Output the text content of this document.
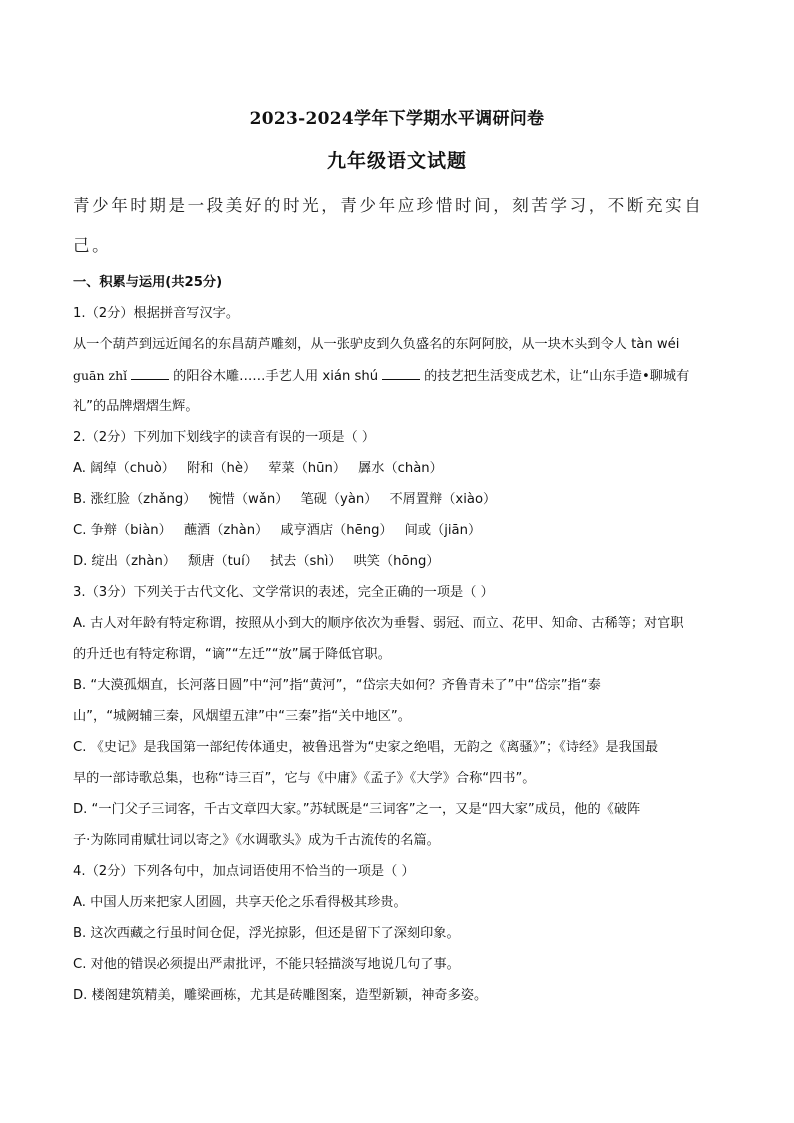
2023-2024学年下学期水平调研问卷
九年级语文试题
青少年时期是一段美好的时光，青少年应珍惜时间，刻苦学习，不断充实自
己。
一、积累与运用(共25分)
1.（2分）根据拼音写汉字。
从一个葫芦到远近闻名的东昌葫芦雕刻，从一张驴皮到久负盛名的东阿阿胶，从一块木头到令人 tàn wéi
guān zhǐ	的阳谷木雕……手艺人用 xián shú	的技艺把生活变成艺术，让“山东手造•聊城有
礼”的品牌熠熠生辉。
2.（2分）下列加下划线字的读音有误的一项是（ ）
A. 阔绰（chuò） 附和（hè） 荤菜（hūn） 羼水（chàn）
B. 涨红脸（zhǎng） 惋惜（wǎn） 笔砚（yàn） 不屑置辩（xiào）
C. 争辩（biàn） 蘸酒（zhàn） 咸亨酒店（hēng） 间或（jiān）
D. 绽出（zhàn） 颓唐（tuí） 拭去（shì） 哄笑（hōng）
3.（3分）下列关于古代文化、文学常识的表述，完全正确的一项是（ ）
A. 古人对年龄有特定称谓，按照从小到大的顺序依次为垂髫、弱冠、而立、花甲、知命、古稀等；对官职
的升迁也有特定称谓，“谪”“左迁”“放”属于降低官职。
B. “大漠孤烟直，长河落日圆”中“河”指“黄河”，“岱宗夫如何？齐鲁青未了”中“岱宗”指“泰
山”，“城阙辅三秦，风烟望五津”中“三秦”指“关中地区”。
C. 《史记》是我国第一部纪传体通史，被鲁迅誉为“史家之绝唱，无韵之《离骚》”；《诗经》是我国最
早的一部诗歌总集，也称“诗三百”，它与《中庸》《孟子》《大学》合称“四书”。
D. “一门父子三词客，千古文章四大家。”苏轼既是“三词客”之一，又是“四大家”成员，他的《破阵
子·为陈同甫赋壮词以寄之》《水调歌头》成为千古流传的名篇。
4.（2分）下列各句中，加点词语使用不恰当的一项是（ ）
A. 中国人历来把家人团圆，共享天伦之乐看得极其珍贵。
B. 这次西藏之行虽时间仓促，浮光掠影，但还是留下了深刻印象。
C. 对他的错误必须提出严肃批评，不能只轻描淡写地说几句了事。
D. 楼阁建筑精美，雕梁画栋，尤其是砖雕图案，造型新颖，神奇多姿。
